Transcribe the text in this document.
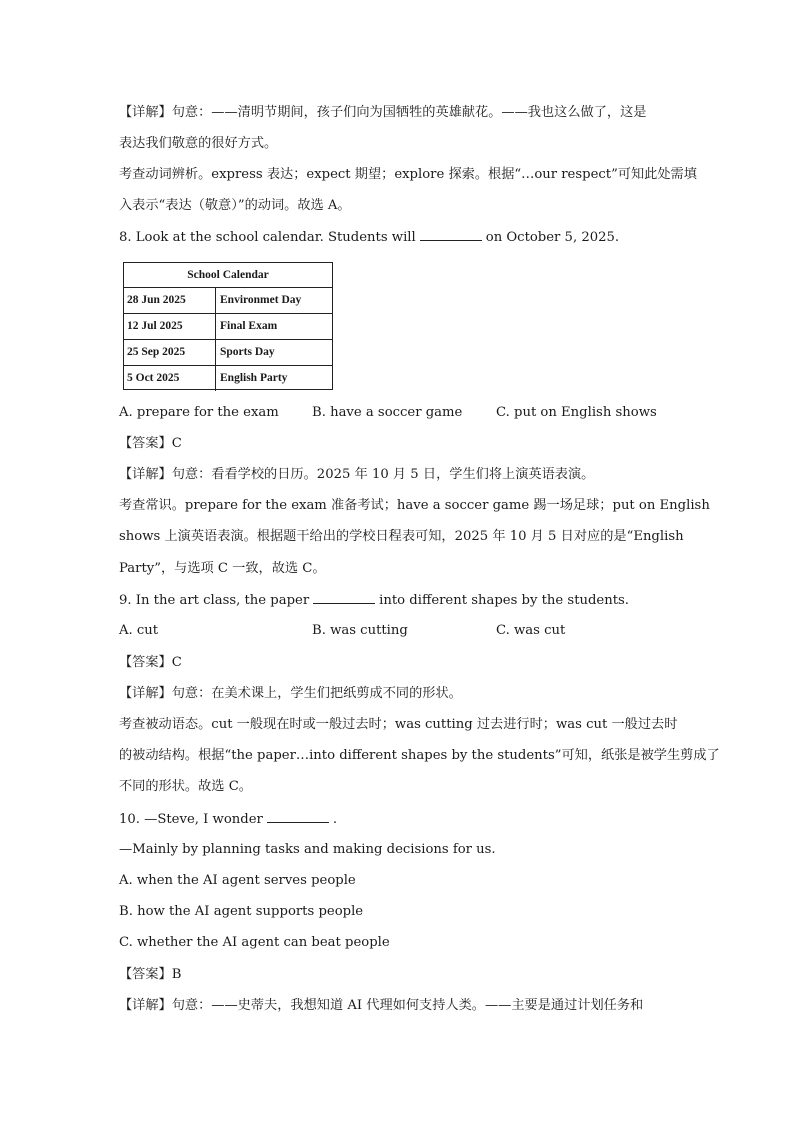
【详解】句意：——清明节期间，孩子们向为国牺牲的英雄献花。——我也这么做了，这是
表达我们敬意的很好方式。
考查动词辨析。express 表达；expect 期望；explore 探索。根据“…our respect”可知此处需填
入表示“表达（敬意）”的动词。故选 A。
8. Look at the school calendar. Students will	on October 5, 2025.
School Calendar
28 Jun 2025	Environmet Day
12 Jul 2025	Final Exam
25 Sep 2025	Sports Day
5 Oct 2025	English Party
A. prepare for the exam	B. have a soccer game	C. put on English shows
【答案】C
【详解】句意：看看学校的日历。2025 年 10 月 5 日，学生们将上演英语表演。
考查常识。prepare for the exam 准备考试；have a soccer game 踢一场足球；put on English
shows 上演英语表演。根据题干给出的学校日程表可知，2025 年 10 月 5 日对应的是“English
Party”，与选项 C 一致，故选 C。
9. In the art class, the paper	into different shapes by the students.
A. cut	B. was cutting	C. was cut
【答案】C
【详解】句意：在美术课上，学生们把纸剪成不同的形状。
考查被动语态。cut 一般现在时或一般过去时；was cutting 过去进行时；was cut 一般过去时
的被动结构。根据“the paper…into different shapes by the students”可知，纸张是被学生剪成了
不同的形状。故选 C。
10. —Steve, I wonder	.
—Mainly by planning tasks and making decisions for us.
A. when the AI agent serves people
B. how the AI agent supports people
C. whether the AI agent can beat people
【答案】B
【详解】句意：——史蒂夫，我想知道 AI 代理如何支持人类。——主要是通过计划任务和
